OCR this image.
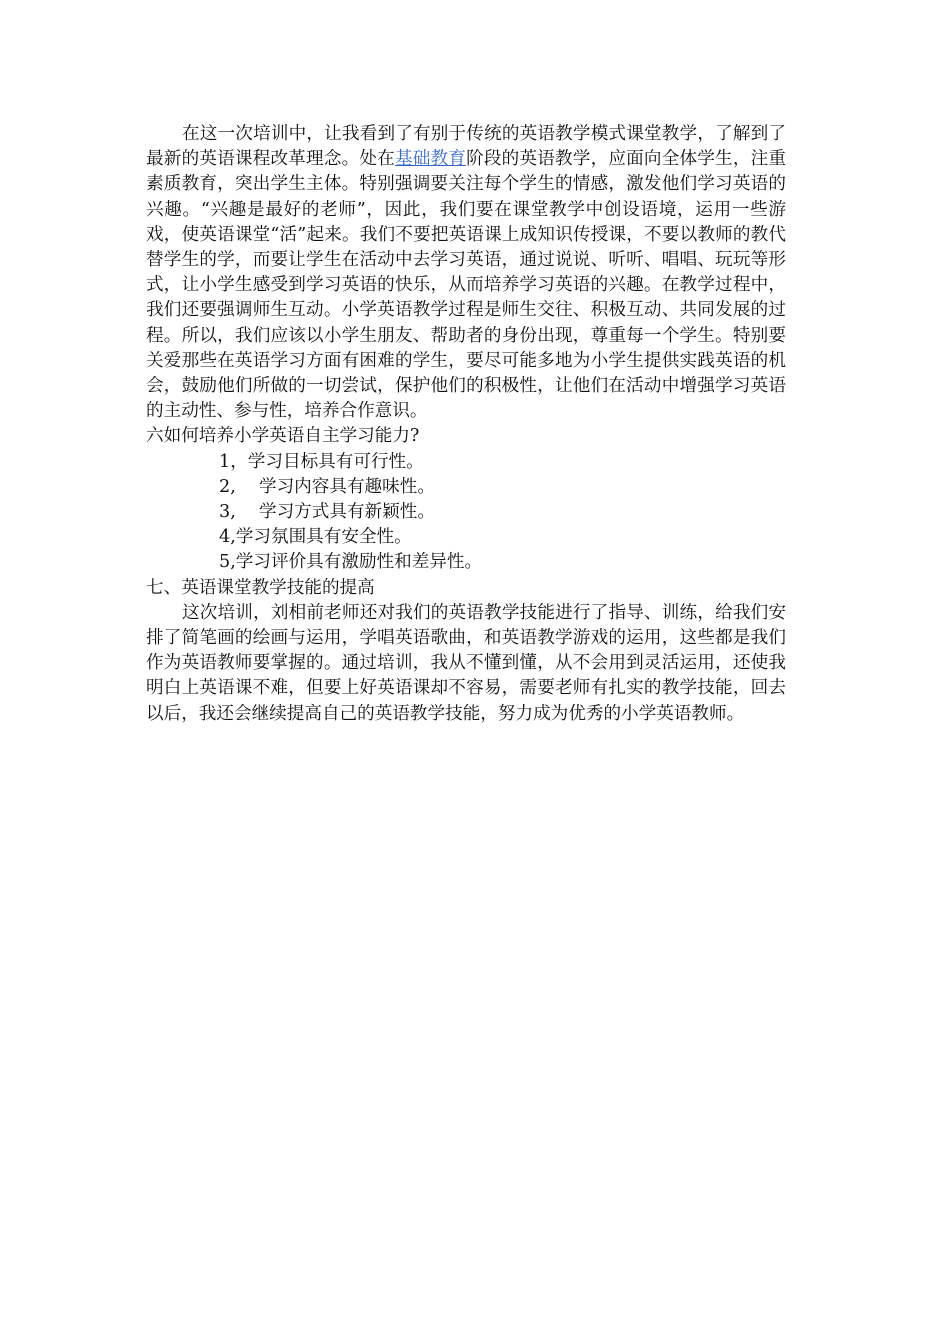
在这一次培训中，让我看到了有别于传统的英语教学模式课堂教学，了解到了最新的英语课程改革理念。处在基础教育阶段的英语教学，应面向全体学生，注重素质教育，突出学生主体。特别强调要关注每个学生的情感，激发他们学习英语的兴趣。“兴趣是最好的老师”，因此，我们要在课堂教学中创设语境，运用一些游戏，使英语课堂“活”起来。我们不要把英语课上成知识传授课，不要以教师的教代替学生的学，而要让学生在活动中去学习英语，通过说说、听听、唱唱、玩玩等形式，让小学生感受到学习英语的快乐，从而培养学习英语的兴趣。在教学过程中，我们还要强调师生互动。小学英语教学过程是师生交往、积极互动、共同发展的过程。所以，我们应该以小学生朋友、帮助者的身份出现，尊重每一个学生。特别要关爱那些在英语学习方面有困难的学生，要尽可能多地为小学生提供实践英语的机会，鼓励他们所做的一切尝试，保护他们的积极性，让他们在活动中增强学习英语的主动性、参与性，培养合作意识。

六如何培养小学英语自主学习能力?

1，学习目标具有可行性。

2,　 学习内容具有趣味性。

3,　 学习方式具有新颖性。

4,学习氛围具有安全性。

5,学习评价具有激励性和差异性。

七、英语课堂教学技能的提高

这次培训，刘相前老师还对我们的英语教学技能进行了指导、训练，给我们安排了简笔画的绘画与运用，学唱英语歌曲，和英语教学游戏的运用，这些都是我们作为英语教师要掌握的。通过培训，我从不懂到懂，从不会用到灵活运用，还使我明白上英语课不难，但要上好英语课却不容易，需要老师有扎实的教学技能，回去以后，我还会继续提高自己的英语教学技能，努力成为优秀的小学英语教师。
